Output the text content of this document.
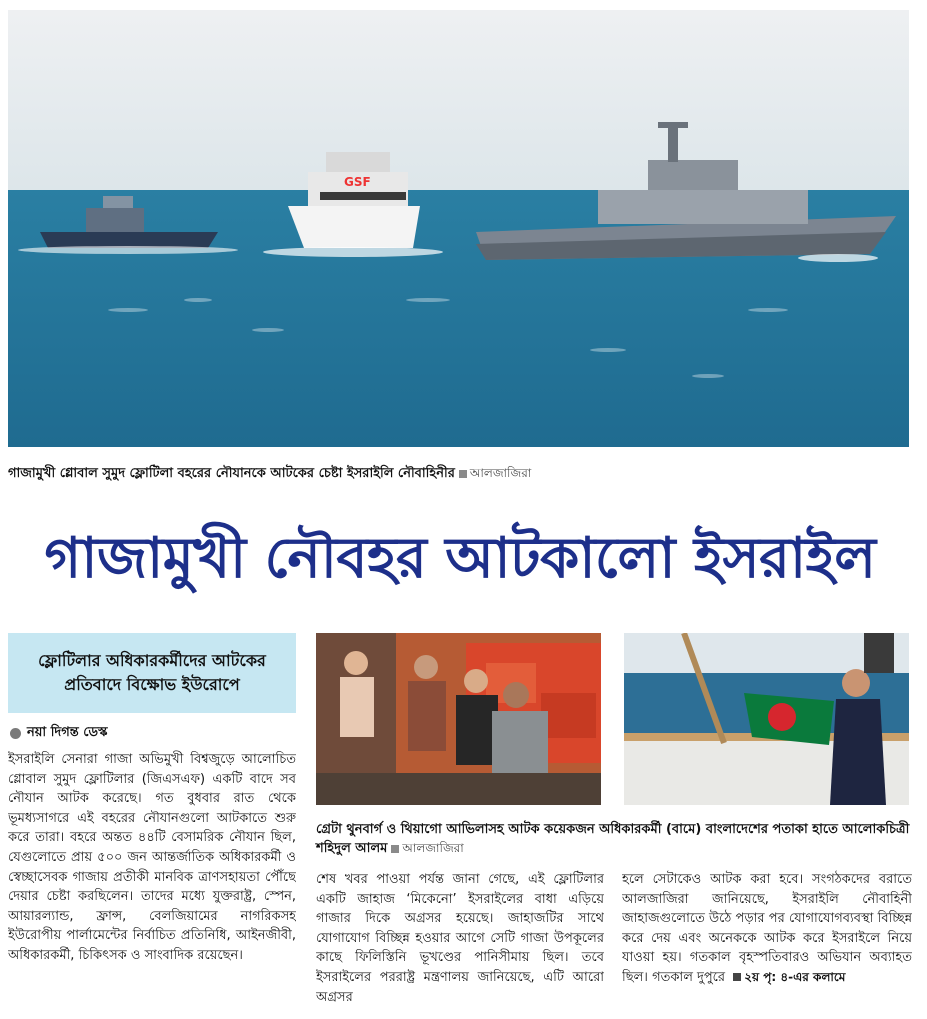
GSF
গাজামুখী গ্লোবাল সুমুদ ফ্লোটিলা বহরের নৌযানকে আটকের চেষ্টা ইসরাইলি নৌবাহিনীর আলজাজিরা
গাজামুখী নৌবহর আটকালো ইসরাইল
ফ্লোটিলার অধিকারকর্মীদের আটকের প্রতিবাদে বিক্ষোভ ইউরোপে
নয়া দিগন্ত ডেস্ক
ইসরাইলি সেনারা গাজা অভিমুখী বিশ্বজুড়ে আলোচিত গ্লোবাল সুমুদ ফ্লোটিলার (জিএসএফ) একটি বাদে সব নৌযান আটক করেছে। গত বুধবার রাত থেকে ভূমধ্যসাগরে এই বহরের নৌযানগুলো আটকাতে শুরু করে তারা। বহরে অন্তত ৪৪টি বেসামরিক নৌযান ছিল, যেগুলোতে প্রায় ৫০০ জন আন্তর্জাতিক অধিকারকর্মী ও স্বেচ্ছাসেবক গাজায় প্রতীকী মানবিক ত্রাণসহায়তা পৌঁছে দেয়ার চেষ্টা করছিলেন। তাদের মধ্যে যুক্তরাষ্ট্র, স্পেন, আয়ারল্যান্ড, ফ্রান্স, বেলজিয়ামের নাগরিকসহ ইউরোপীয় পার্লামেন্টের নির্বাচিত প্রতিনিধি, আইনজীবী, অধিকারকর্মী, চিকিৎসক ও সাংবাদিক রয়েছেন।
গ্রেটা থুনবার্গ ও থিয়াগো আভিলাসহ আটক কয়েকজন অধিকারকর্মী (বামে) বাংলাদেশের পতাকা হাতে আলোকচিত্রী শহিদুল আলম আলজাজিরা
শেষ খবর পাওয়া পর্যন্ত জানা গেছে, এই ফ্লোটিলার একটি জাহাজ ‘মিকেনো’ ইসরাইলের বাধা এড়িয়ে গাজার দিকে অগ্রসর হয়েছে। জাহাজটির সাথে যোগাযোগ বিচ্ছিন্ন হওয়ার আগে সেটি গাজা উপকূলের কাছে ফিলিস্তিনি ভূখণ্ডের পানিসীমায় ছিল। তবে ইসরাইলের পররাষ্ট্র মন্ত্রণালয় জানিয়েছে, এটি আরো অগ্রসর
হলে সেটাকেও আটক করা হবে। সংগঠকদের বরাতে আলজাজিরা জানিয়েছে, ইসরাইলি নৌবাহিনী জাহাজগুলোতে উঠে পড়ার পর যোগাযোগব্যবস্থা বিচ্ছিন্ন করে দেয় এবং অনেককে আটক করে ইসরাইলে নিয়ে যাওয়া হয়। গতকাল বৃহস্পতিবারও অভিযান অব্যাহত ছিল। গতকাল দুপুরে ২য় পৃ: ৪-এর কলামে
